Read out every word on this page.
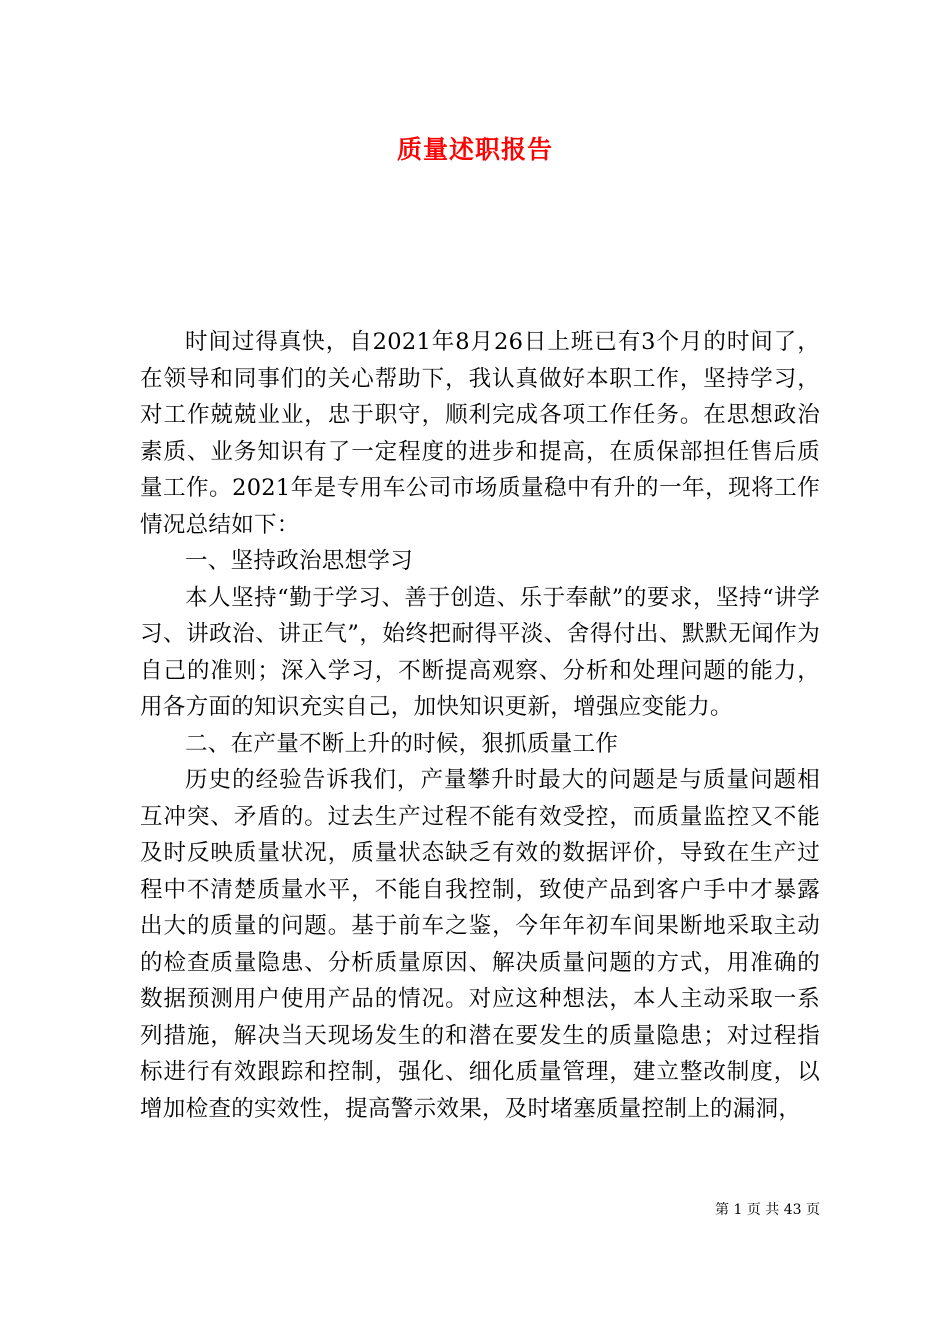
质量述职报告

时间过得真快，自2021年8月26日上班已有3个月的时间了，在领导和同事们的关心帮助下，我认真做好本职工作，坚持学习，对工作兢兢业业，忠于职守，顺利完成各项工作任务。在思想政治素质、业务知识有了一定程度的进步和提高，在质保部担任售后质量工作。2021年是专用车公司市场质量稳中有升的一年，现将工作情况总结如下：

一、坚持政治思想学习

本人坚持“勤于学习、善于创造、乐于奉献”的要求，坚持“讲学习、讲政治、讲正气”，始终把耐得平淡、舍得付出、默默无闻作为自己的准则；深入学习，不断提高观察、分析和处理问题的能力，用各方面的知识充实自己，加快知识更新，增强应变能力。

二、在产量不断上升的时候，狠抓质量工作

历史的经验告诉我们，产量攀升时最大的问题是与质量问题相互冲突、矛盾的。过去生产过程不能有效受控，而质量监控又不能及时反映质量状况，质量状态缺乏有效的数据评价，导致在生产过程中不清楚质量水平，不能自我控制，致使产品到客户手中才暴露出大的质量的问题。基于前车之鉴，今年年初车间果断地采取主动的检查质量隐患、分析质量原因、解决质量问题的方式，用准确的数据预测用户使用产品的情况。对应这种想法，本人主动采取一系列措施，解决当天现场发生的和潜在要发生的质量隐患；对过程指标进行有效跟踪和控制，强化、细化质量管理，建立整改制度，以增加检查的实效性，提高警示效果，及时堵塞质量控制上的漏洞，

第 1 页 共 43 页
